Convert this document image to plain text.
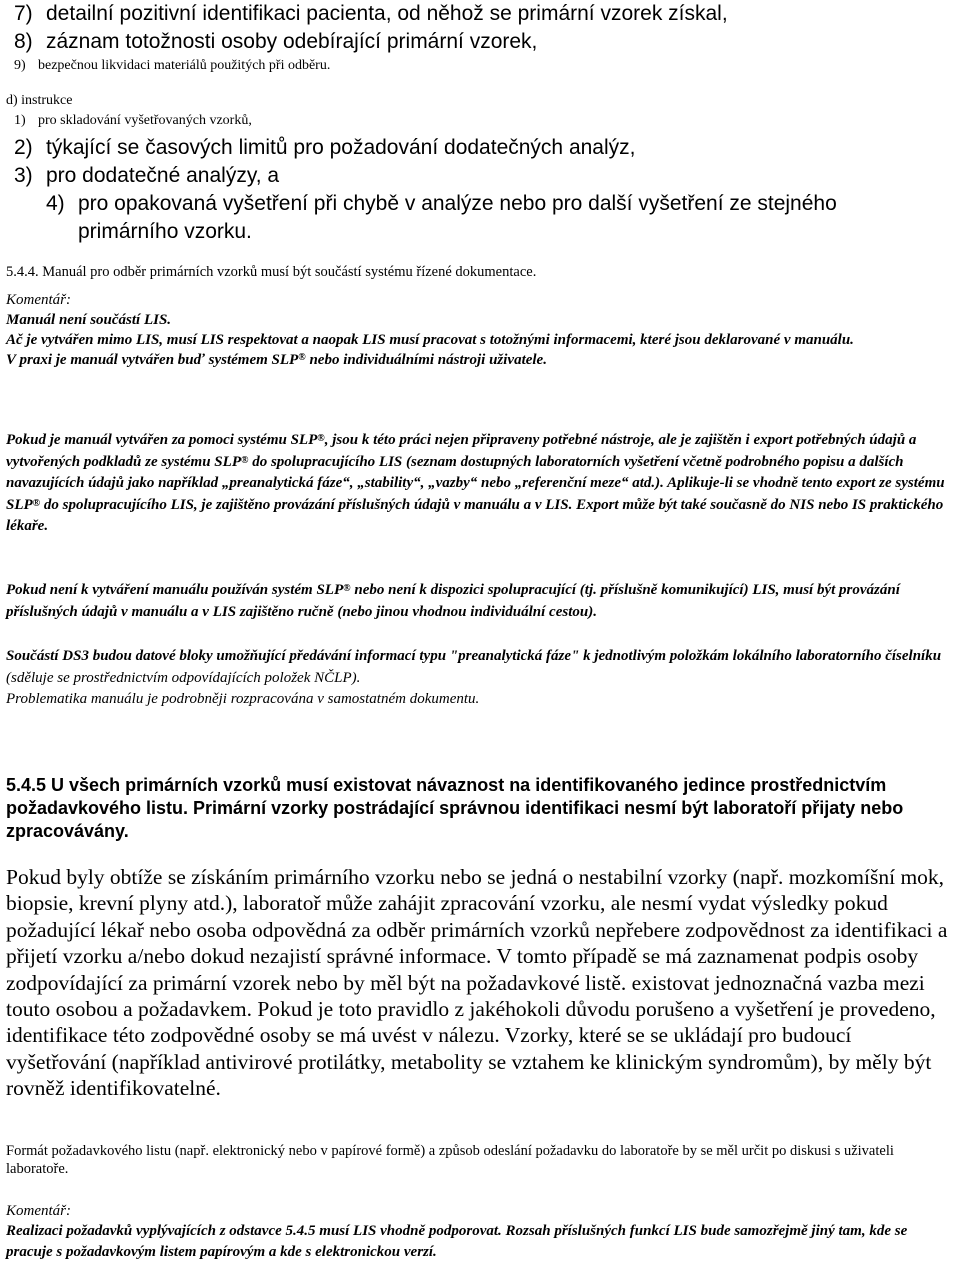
7) detailní pozitivní identifikaci pacienta, od něhož se primární vzorek získal,
8) záznam totožnosti osoby odebírající primární vzorek,
9) bezpečnou likvidaci materiálů použitých při odběru.
d) instrukce
1) pro skladování vyšetřovaných vzorků,
2) týkající se časových limitů pro požadování dodatečných analýz,
3) pro dodatečné analýzy, a
4) pro opakovaná vyšetření při chybě v analýze nebo pro další vyšetření ze stejného primárního vzorku.
5.4.4. Manuál pro odběr primárních vzorků musí být součástí systému řízené dokumentace.
Komentář:
Manuál není součástí LIS.
Ač je vytvářen mimo LIS, musí LIS respektovat a naopak LIS musí pracovat s totožnými informacemi, které jsou deklarované v manuálu.
V praxi je manuál vytvářen buď systémem SLP® nebo individuálními nástroji uživatele.
Pokud je manuál vytvářen za pomoci systému SLP®, jsou k této práci nejen připraveny potřebné nástroje, ale je zajištěn i export potřebných údajů a vytvořených podkladů ze systému SLP® do spolupracujícího LIS (seznam dostupných laboratorních vyšetření včetně podrobného popisu a dalších navazujících údajů jako například „preanalytická fáze“, „stability“, „vazby“ nebo „referenční meze“ atd.). Aplikuje-li se vhodně tento export ze systému SLP® do spolupracujícího LIS, je zajištěno provázání příslušných údajů v manuálu a v LIS. Export může být také současně do NIS nebo IS praktického lékaře.
Pokud není k vytváření manuálu používán systém SLP® nebo není k dispozici spolupracující (tj. příslušně komunikující) LIS, musí být provázání příslušných údajů v manuálu a v LIS zajištěno ručně (nebo jinou vhodnou individuální cestou).
Součástí DS3 budou datové bloky umožňující předávání informací typu "preanalytická fáze" k jednotlivým položkám lokálního laboratorního číselníku (sděluje se prostřednictvím odpovídajících položek NČLP).
Problematika manuálu je podrobněji rozpracována v samostatném dokumentu.
5.4.5 U všech primárních vzorků musí existovat návaznost na identifikovaného jedince prostřednictvím požadavkového listu. Primární vzorky postrádající správnou identifikaci nesmí být laboratoří přijaty nebo zpracovávány.
Pokud byly obtíže se získáním primárního vzorku nebo se jedná o nestabilní vzorky (např. mozkomíšní mok, biopsie, krevní plyny atd.), laboratoř může zahájit zpracování vzorku, ale nesmí vydat výsledky pokud požadující lékař nebo osoba odpovědná za odběr primárních vzorků nepřebere zodpovědnost za identifikaci a přijetí vzorku a/nebo dokud nezajistí správné informace. V tomto případě se má zaznamenat podpis osoby zodpovídající za primární vzorek nebo by měl být na požadavkové listě. existovat jednoznačná vazba mezi touto osobou a požadavkem. Pokud je toto pravidlo z jakéhokoli důvodu porušeno a vyšetření je provedeno, identifikace této zodpovědné osoby se má uvést v nálezu. Vzorky, které se se ukládají pro budoucí vyšetřování (například antivirové protilátky, metabolity se vztahem ke klinickým syndromům), by měly být rovněž identifikovatelné.
Formát požadavkového listu (např. elektronický nebo v papírové formě) a způsob odeslání požadavku do laboratoře by se měl určit po diskusi s uživateli laboratoře.
Komentář:
Realizaci požadavků vyplývajících z odstavce 5.4.5 musí LIS vhodně podporovat. Rozsah příslušných funkcí LIS bude samozřejmě jiný tam, kde se pracuje s požadavkovým listem papírovým a kde s elektronickou verzí.
